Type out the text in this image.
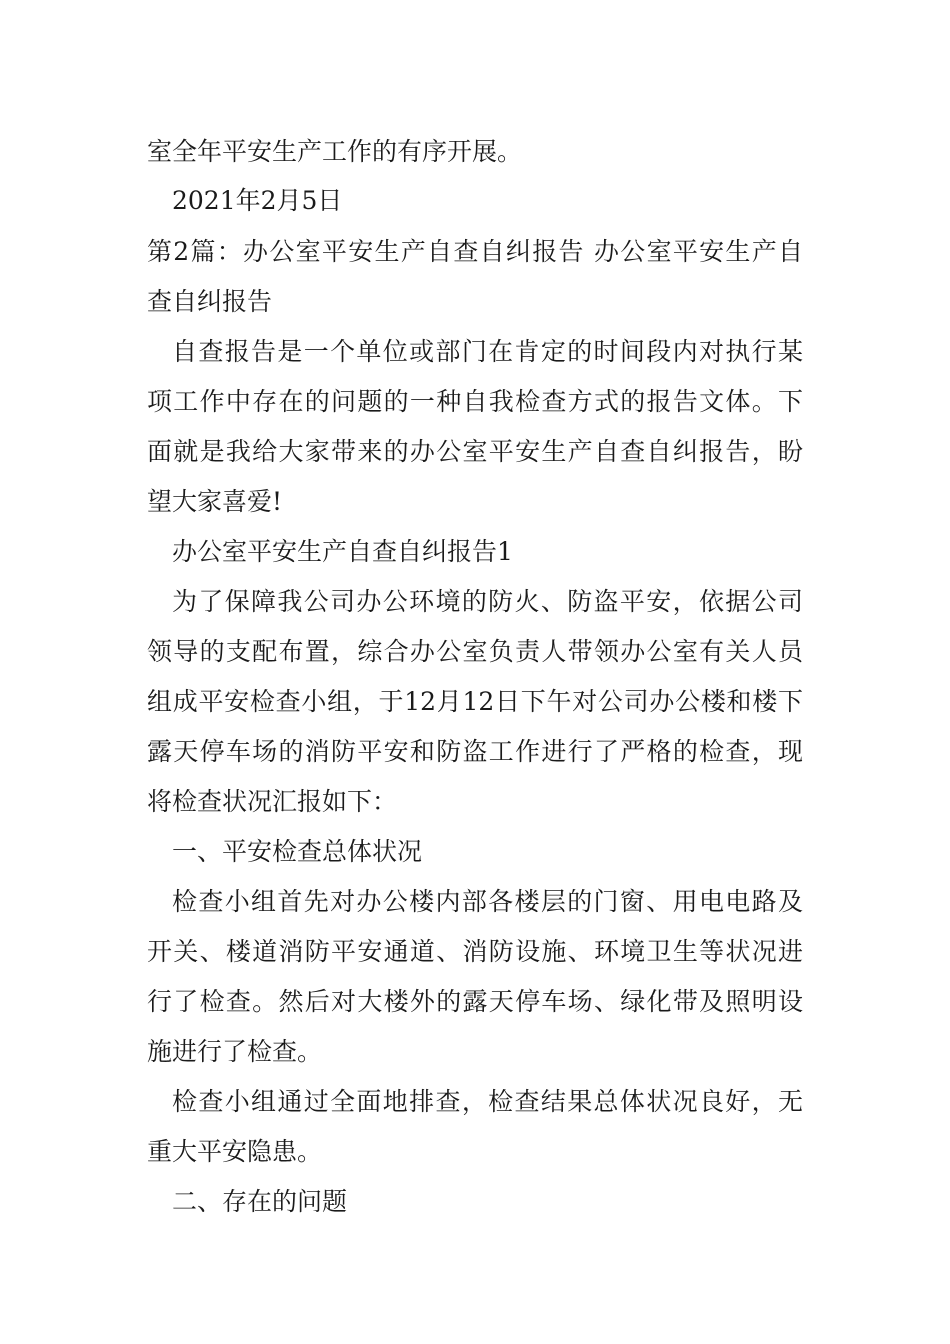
室全年平安生产工作的有序开展。

2021年2月5日

第2篇：办公室平安生产自查自纠报告 办公室平安生产自

查自纠报告

自查报告是一个单位或部门在肯定的时间段内对执行某

项工作中存在的问题的一种自我检查方式的报告文体。下

面就是我给大家带来的办公室平安生产自查自纠报告，盼

望大家喜爱!

办公室平安生产自查自纠报告1

为了保障我公司办公环境的防火、防盗平安，依据公司

领导的支配布置，综合办公室负责人带领办公室有关人员

组成平安检查小组，于12月12日下午对公司办公楼和楼下

露天停车场的消防平安和防盗工作进行了严格的检查，现

将检查状况汇报如下：

一、平安检查总体状况

检查小组首先对办公楼内部各楼层的门窗、用电电路及

开关、楼道消防平安通道、消防设施、环境卫生等状况进

行了检查。然后对大楼外的露天停车场、绿化带及照明设

施进行了检查。

检查小组通过全面地排查，检查结果总体状况良好，无

重大平安隐患。

二、存在的问题
